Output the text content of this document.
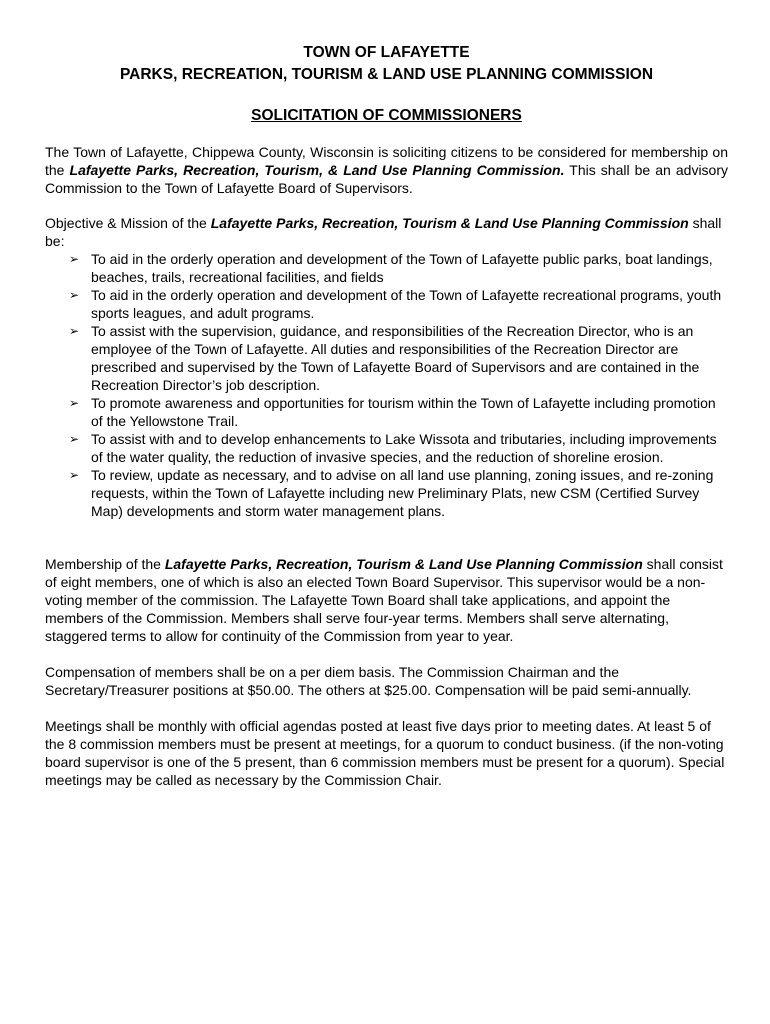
TOWN OF LAFAYETTE
PARKS, RECREATION, TOURISM & LAND USE PLANNING COMMISSION
SOLICITATION OF COMMISSIONERS

The Town of Lafayette, Chippewa County, Wisconsin is soliciting citizens to be considered for membership on the Lafayette Parks, Recreation, Tourism, & Land Use Planning Commission. This shall be an advisory Commission to the Town of Lafayette Board of Supervisors.

Objective & Mission of the Lafayette Parks, Recreation, Tourism & Land Use Planning Commission shall be:

➢ To aid in the orderly operation and development of the Town of Lafayette public parks, boat landings, beaches, trails, recreational facilities, and fields
➢ To aid in the orderly operation and development of the Town of Lafayette recreational programs, youth sports leagues, and adult programs.
➢ To assist with the supervision, guidance, and responsibilities of the Recreation Director, who is an employee of the Town of Lafayette. All duties and responsibilities of the Recreation Director are prescribed and supervised by the Town of Lafayette Board of Supervisors and are contained in the Recreation Director’s job description.
➢ To promote awareness and opportunities for tourism within the Town of Lafayette including promotion of the Yellowstone Trail.
➢ To assist with and to develop enhancements to Lake Wissota and tributaries, including improvements of the water quality, the reduction of invasive species, and the reduction of shoreline erosion.
➢ To review, update as necessary, and to advise on all land use planning, zoning issues, and re-zoning requests, within the Town of Lafayette including new Preliminary Plats, new CSM (Certified Survey Map) developments and storm water management plans.

Membership of the Lafayette Parks, Recreation, Tourism & Land Use Planning Commission shall consist of eight members, one of which is also an elected Town Board Supervisor. This supervisor would be a non-voting member of the commission. The Lafayette Town Board shall take applications, and appoint the members of the Commission. Members shall serve four-year terms. Members shall serve alternating, staggered terms to allow for continuity of the Commission from year to year.

Compensation of members shall be on a per diem basis. The Commission Chairman and the Secretary/Treasurer positions at $50.00. The others at $25.00. Compensation will be paid semi-annually.

Meetings shall be monthly with official agendas posted at least five days prior to meeting dates. At least 5 of the 8 commission members must be present at meetings, for a quorum to conduct business. (if the non-voting board supervisor is one of the 5 present, than 6 commission members must be present for a quorum). Special meetings may be called as necessary by the Commission Chair.
